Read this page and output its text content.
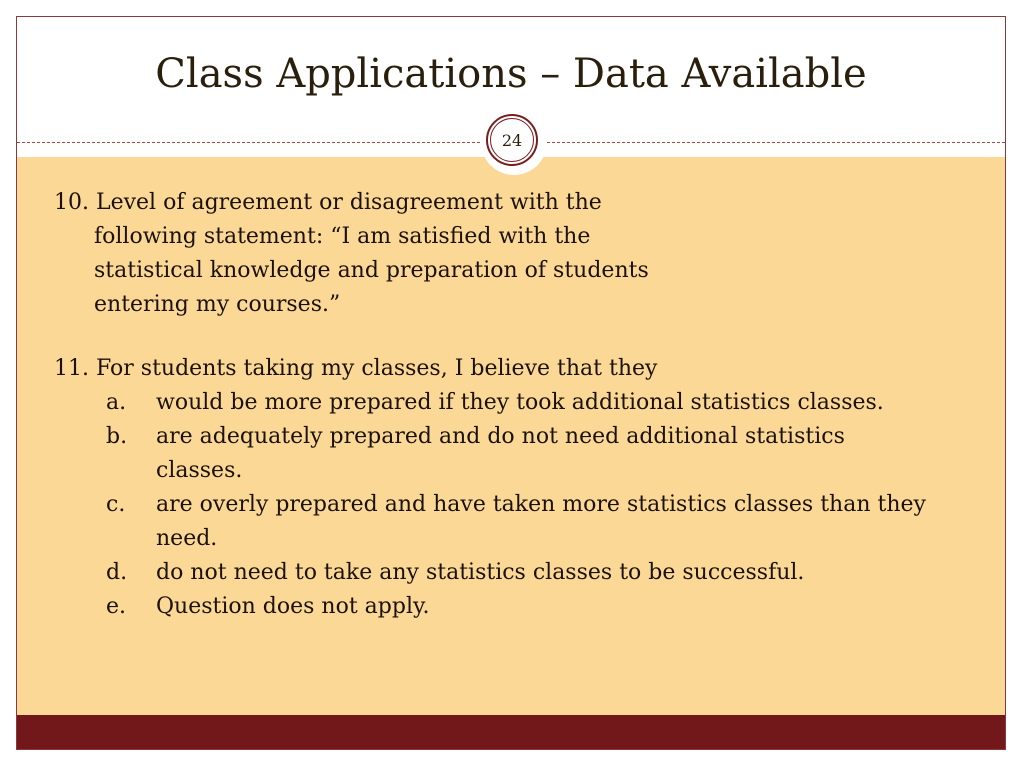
Class Applications – Data Available
24
10. Level of agreement or disagreement with the
following statement: “I am satisfied with the
statistical knowledge and preparation of students
entering my courses.”
11. For students taking my classes, I believe that they
a.	would be more prepared if they took additional statistics classes.
b.	are adequately prepared and do not need additional statistics classes.
c.	are overly prepared and have taken more statistics classes than they need.
d.	do not need to take any statistics classes to be successful.
e.	Question does not apply.
